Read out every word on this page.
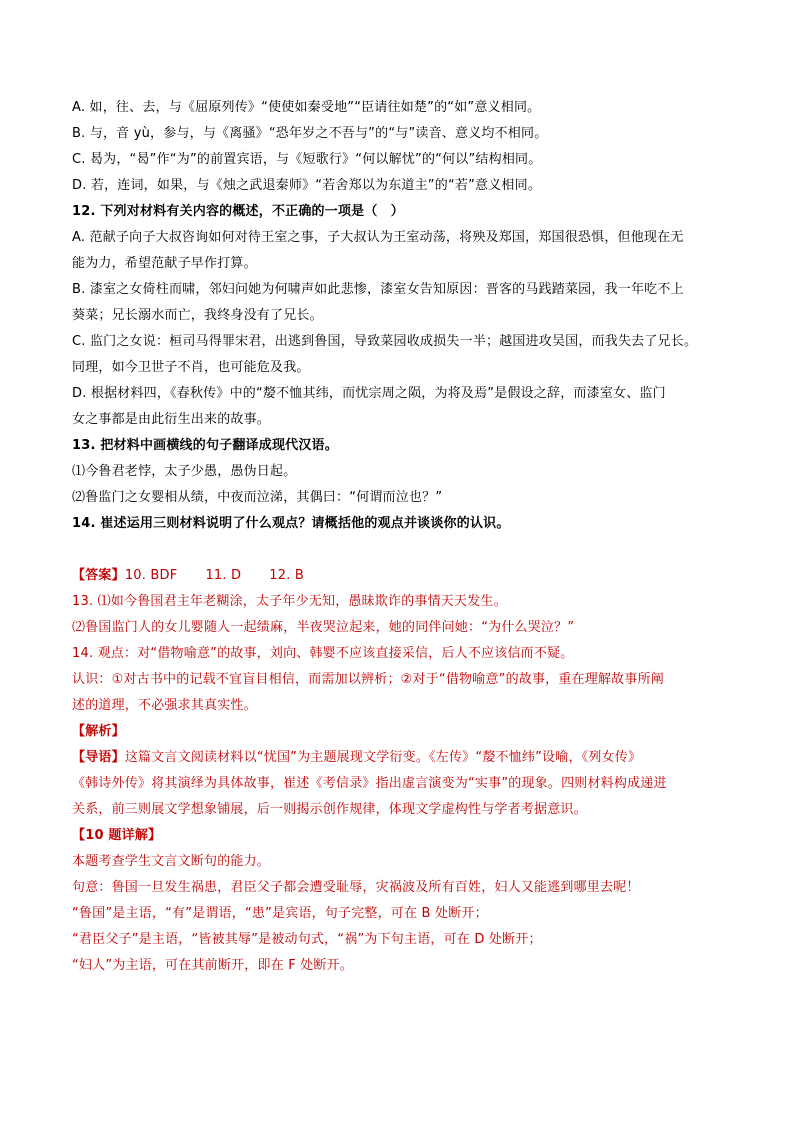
A. 如，往、去，与《屈原列传》“使使如秦受地”“臣请往如楚”的“如”意义相同。
B. 与，音 yù，参与，与《离骚》“恐年岁之不吾与”的“与”读音、意义均不相同。
C. 曷为，“曷”作“为”的前置宾语，与《短歌行》“何以解忧”的“何以”结构相同。
D. 若，连词，如果，与《烛之武退秦师》“若舍郑以为东道主”的“若”意义相同。
12. 下列对材料有关内容的概述，不正确的一项是（　）
A. 范献子向子大叔咨询如何对待王室之事，子大叔认为王室动荡，将殃及郑国，郑国很恐惧，但他现在无
能为力，希望范献子早作打算。
B. 漆室之女倚柱而啸，邻妇问她为何啸声如此悲惨，漆室女告知原因：晋客的马践踏菜园，我一年吃不上
葵菜；兄长溺水而亡，我终身没有了兄长。
C. 监门之女说：桓司马得罪宋君，出逃到鲁国，导致菜园收成损失一半；越国进攻吴国，而我失去了兄长。
同理，如今卫世子不肖，也可能危及我。
D. 根据材料四，《春秋传》中的“嫠不恤其纬，而忧宗周之陨，为将及焉”是假设之辞，而漆室女、监门
女之事都是由此衍生出来的故事。
13. 把材料中画横线的句子翻译成现代汉语。
⑴今鲁君老悖，太子少愚，愚伪日起。
⑵鲁监门之女婴相从绩，中夜而泣涕，其偶曰：“何谓而泣也？”
14. 崔述运用三则材料说明了什么观点？请概括他的观点并谈谈你的认识。
【答案】10. BDF 11. D 12. B
13. ⑴如今鲁国君主年老糊涂，太子年少无知，愚昧欺诈的事情天天发生。
⑵鲁国监门人的女儿婴随人一起绩麻，半夜哭泣起来，她的同伴问她：“为什么哭泣？”
14. 观点：对“借物喻意”的故事，刘向、韩婴不应该直接采信，后人不应该信而不疑。
认识：①对古书中的记载不宜盲目相信，而需加以辨析；②对于“借物喻意”的故事，重在理解故事所阐
述的道理，不必强求其真实性。
【解析】
【导语】这篇文言文阅读材料以“忧国”为主题展现文学衍变。《左传》“嫠不恤纬”设喻，《列女传》
《韩诗外传》将其演绎为具体故事，崔述《考信录》指出虚言演变为“实事”的现象。四则材料构成递进
关系，前三则展文学想象铺展，后一则揭示创作规律，体现文学虚构性与学者考据意识。
【10 题详解】
本题考查学生文言文断句的能力。
句意：鲁国一旦发生祸患，君臣父子都会遭受耻辱，灾祸波及所有百姓，妇人又能逃到哪里去呢！
“鲁国”是主语，“有”是谓语，“患”是宾语，句子完整，可在 B 处断开；
“君臣父子”是主语，“皆被其辱”是被动句式，“祸”为下句主语，可在 D 处断开；
“妇人”为主语，可在其前断开，即在 F 处断开。
